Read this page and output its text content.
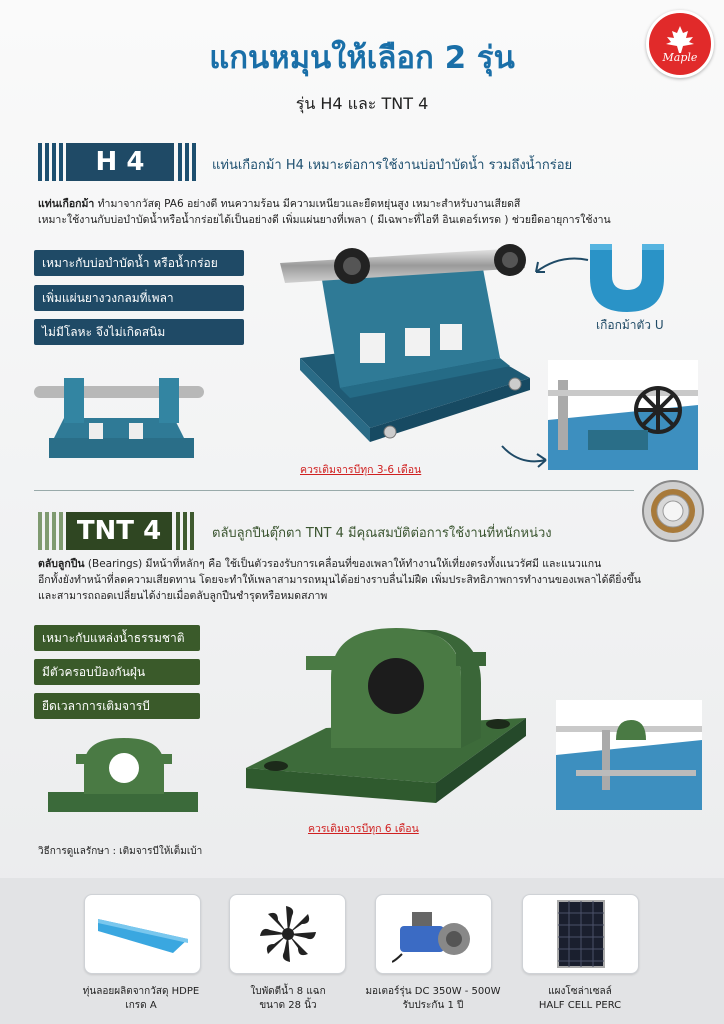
Maple
แกนหมุนให้เลือก 2 รุ่น
รุ่น H4 และ TNT 4
H 4	แท่นเกือกม้า H4 เหมาะต่อการใช้งานบ่อบำบัดน้ำ รวมถึงน้ำกร่อย
แท่นเกือกม้า ทำมาจากวัสดุ PA6 อย่างดี ทนความร้อน มีความเหนียวและยืดหยุ่นสูง เหมาะสำหรับงานเสียดสี
เหมาะใช้งานกับบ่อบำบัดน้ำหรือน้ำกร่อยได้เป็นอย่างดี เพิ่มแผ่นยางที่เพลา ( มีเฉพาะที่ไอที อินเตอร์เทรด ) ช่วยยืดอายุการใช้งาน
เหมาะกับบ่อบำบัดน้ำ หรือน้ำกร่อย
เพิ่มแผ่นยางวงกลมที่เพลา
ไม่มีโลหะ จึงไม่เกิดสนิม	เกือกม้าตัว U
ควรเติมจารบีทุก 3-6 เดือน
TNT 4	ตลับลูกปืนตุ๊กตา TNT 4 มีคุณสมบัติต่อการใช้งานที่หนักหน่วง
ตลับลูกปืน (Bearings) มีหน้าที่หลักๆ คือ ใช้เป็นตัวรองรับการเคลื่อนที่ของเพลาให้ทำงานให้เที่ยงตรงทั้งแนวรัศมี และแนวแกน
อีกทั้งยังทำหน้าที่ลดความเสียดทาน โดยจะทำให้เพลาสามารถหมุนได้อย่างราบลื่นไม่ฝืด เพิ่มประสิทธิภาพการทำงานของเพลาได้ดียิ่งขึ้น
และสามารถถอดเปลี่ยนได้ง่ายเมื่อตลับลูกปืนชำรุดหรือหมดสภาพ
เหมาะกับแหล่งน้ำธรรมชาติ
มีตัวครอบป้องกันฝุ่น
ยืดเวลาการเติมจารบี
ควรเติมจารบีทุก 6 เดือน
วิธีการดูแลรักษา : เติมจารบีให้เต็มเบ้า
ทุ่นลอยผลิตจากวัสดุ HDPE
เกรด A
ใบพัดตีน้ำ 8 แฉก
ขนาด 28 นิ้ว
มอเตอร์รุ่น DC 350W - 500W
รับประกัน 1 ปี
แผงโซล่าเซลล์
HALF CELL PERC
